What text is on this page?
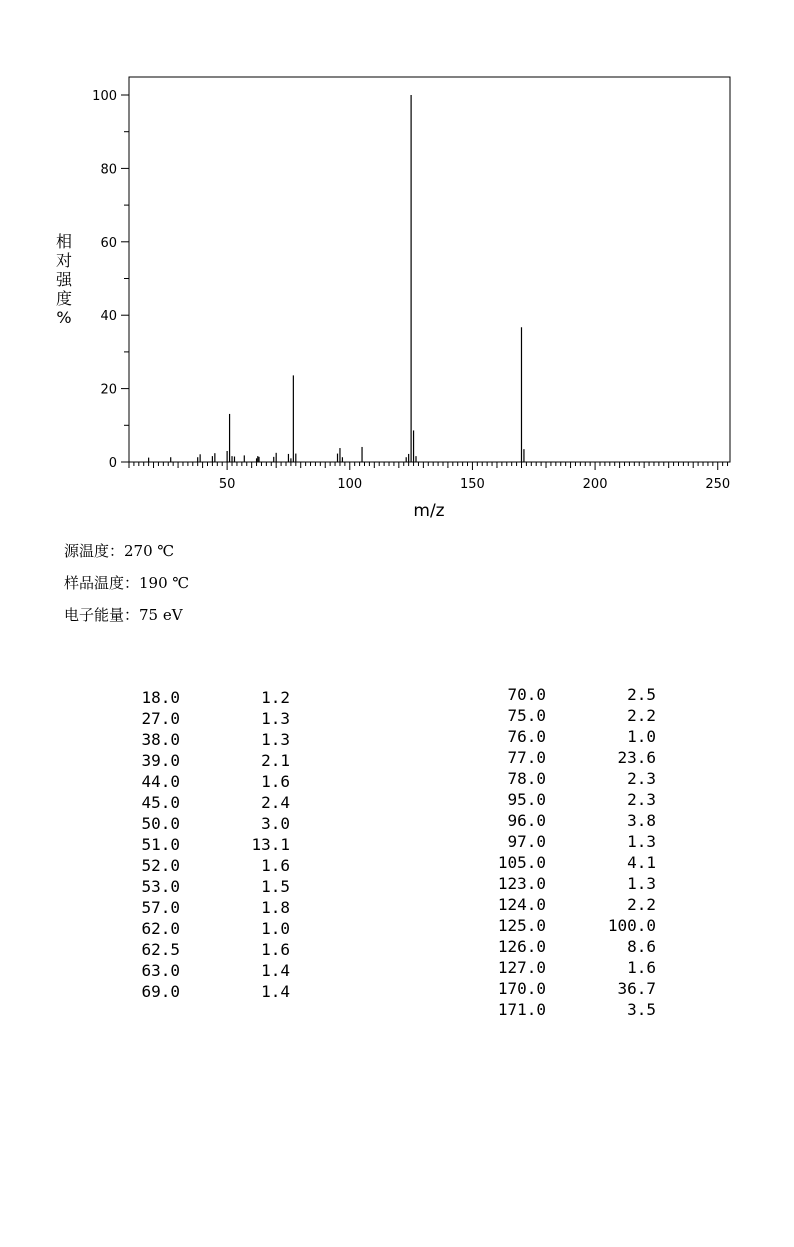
0
20
40
60
80
100
50	100	150	200	250
m/z
相对强度%
源温度：270 ℃
样品温度：190 ℃
电子能量：75 eV
18.0	1.2
27.0	1.3
38.0	1.3
39.0	2.1
44.0	1.6
45.0	2.4
50.0	3.0
51.0	13.1
52.0	1.6
53.0	1.5
57.0	1.8
62.0	1.0
62.5	1.6
63.0	1.4
69.0	1.4
70.0	2.5
75.0	2.2
76.0	1.0
77.0	23.6
78.0	2.3
95.0	2.3
96.0	3.8
97.0	1.3
105.0	4.1
123.0	1.3
124.0	2.2
125.0	100.0
126.0	8.6
127.0	1.6
170.0	36.7
171.0	3.5
